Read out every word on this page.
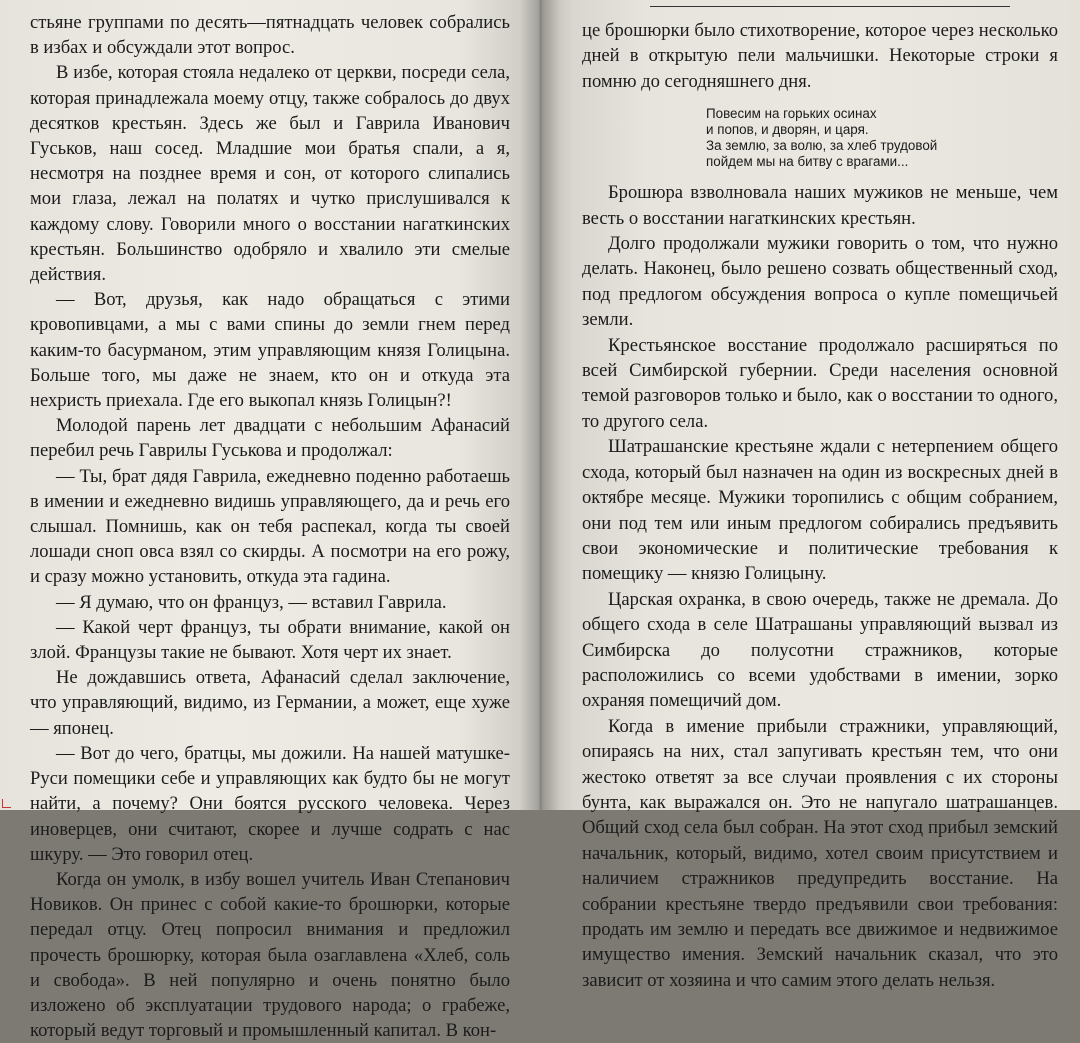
стьяне группами по десять—пятнадцать человек собрались в избах и обсуждали этот вопрос.

В избе, которая стояла недалеко от церкви, посреди села, которая принадлежала моему отцу, также собралось до двух десятков крестьян. Здесь же был и Гаврила Иванович Гуськов, наш сосед. Младшие мои братья спали, а я, несмотря на позднее время и сон, от которого слипались мои глаза, лежал на полатях и чутко прислушивался к каждому слову. Говорили много о восстании нагаткинских крестьян. Большинство одобряло и хвалило эти смелые действия.

— Вот, друзья, как надо обращаться с этими кровопивцами, а мы с вами спины до земли гнем перед каким-то басурманом, этим управляющим князя Голицына. Больше того, мы даже не знаем, кто он и откуда эта нехристь приехала. Где его выкопал князь Голицын?!

Молодой парень лет двадцати с небольшим Афанасий перебил речь Гаврилы Гуськова и продолжал:

— Ты, брат дядя Гаврила, ежедневно поденно работаешь в имении и ежедневно видишь управляющего, да и речь его слышал. Помнишь, как он тебя распекал, когда ты своей лошади сноп овса взял со скирды. А посмотри на его рожу, и сразу можно установить, откуда эта гадина.

— Я думаю, что он француз, — вставил Гаврила.

— Какой черт француз, ты обрати внимание, какой он злой. Французы такие не бывают. Хотя черт их знает.

Не дождавшись ответа, Афанасий сделал заключение, что управляющий, видимо, из Германии, а может, еще хуже — японец.

— Вот до чего, братцы, мы дожили. На нашей матушке-Руси помещики себе и управляющих как будто бы не могут найти, а почему? Они боятся русского человека. Через иноверцев, они считают, скорее и лучше содрать с нас шкуру. — Это говорил отец.

Когда он умолк, в избу вошел учитель Иван Степанович Новиков. Он принес с собой какие-то брошюрки, которые передал отцу. Отец попросил внимания и предложил прочесть брошюрку, которая была озаглавлена «Хлеб, соль и свобода». В ней популярно и очень понятно было изложено об эксплуатации трудового народа; о грабеже, который ведут торговый и промышленный капитал. В кон-

це брошюрки было стихотворение, которое через несколько дней в открытую пели мальчишки. Некоторые строки я помню до сегодняшнего дня.

Повесим на горьких осинах
и попов, и дворян, и царя.
За землю, за волю, за хлеб трудовой
пойдем мы на битву с врагами...

Брошюра взволновала наших мужиков не меньше, чем весть о восстании нагаткинских крестьян.

Долго продолжали мужики говорить о том, что нужно делать. Наконец, было решено созвать общественный сход, под предлогом обсуждения вопроса о купле помещичьей земли.

Крестьянское восстание продолжало расширяться по всей Симбирской губернии. Среди населения основной темой разговоров только и было, как о восстании то одного, то другого села.

Шатрашанские крестьяне ждали с нетерпением общего схода, который был назначен на один из воскресных дней в октябре месяце. Мужики торопились с общим собранием, они под тем или иным предлогом собирались предъявить свои экономические и политические требования к помещику — князю Голицыну.

Царская охранка, в свою очередь, также не дремала. До общего схода в селе Шатрашаны управляющий вызвал из Симбирска до полусотни стражников, которые расположились со всеми удобствами в имении, зорко охраняя помещичий дом.

Когда в имение прибыли стражники, управляющий, опираясь на них, стал запугивать крестьян тем, что они жестоко ответят за все случаи проявления с их стороны бунта, как выражался он. Это не напугало шатрашанцев. Общий сход села был собран. На этот сход прибыл земский начальник, который, видимо, хотел своим присутствием и наличием стражников предупредить восстание. На собрании крестьяне твердо предъявили свои требования: продать им землю и передать все движимое и недвижимое имущество имения. Земский начальник сказал, что это зависит от хозяина и что самим этого делать нельзя.
